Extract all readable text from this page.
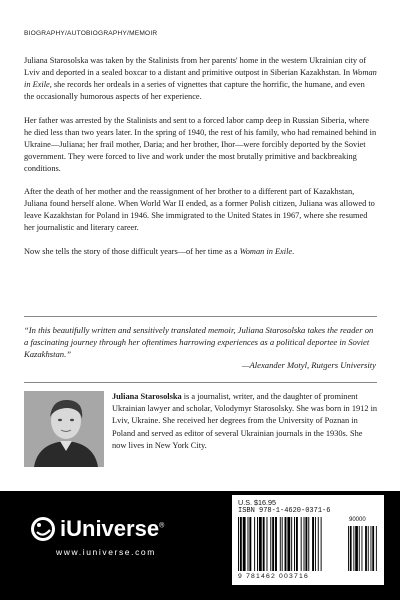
BIOGRAPHY/AUTOBIOGRAPHY/MEMOIR

Juliana Starosolska was taken by the Stalinists from her parents' home in the western Ukrainian city of Lviv and deported in a sealed boxcar to a distant and primitive outpost in Siberian Kazakhstan. In Woman in Exile, she records her ordeals in a series of vignettes that capture the horrific, the humane, and even the occasionally humorous aspects of her experience.

Her father was arrested by the Stalinists and sent to a forced labor camp deep in Russian Siberia, where he died less than two years later. In the spring of 1940, the rest of his family, who had remained behind in Ukraine—Juliana; her frail mother, Daria; and her brother, Ihor—were forcibly deported by the Soviet government. They were forced to live and work under the most brutally primitive and backbreaking conditions.

After the death of her mother and the reassignment of her brother to a different part of Kazakhstan, Juliana found herself alone. When World War II ended, as a former Polish citizen, Juliana was allowed to leave Kazakhstan for Poland in 1946. She immigrated to the United States in 1967, where she resumed her journalistic and literary career.

Now she tells the story of those difficult years—of her time as a Woman in Exile.

“In this beautifully written and sensitively translated memoir, Juliana Starosolska takes the reader on a fascinating journey through her oftentimes harrowing experiences as a political deportee in Soviet Kazakhstan.”
—Alexander Motyl, Rutgers University
Juliana Starosolska is a journalist, writer, and the daughter of prominent Ukrainian lawyer and scholar, Volodymyr Starosolsky. She was born in 1912 in Lviv, Ukraine. She received her degrees from the University of Poznan in Poland and served as editor of several Ukrainian journals in the 1930s. She now lives in New York City.
iUniverse®
www.iuniverse.com
U.S. $16.95
ISBN 978-1-4620-0371-6
90000
9 781462 003716
